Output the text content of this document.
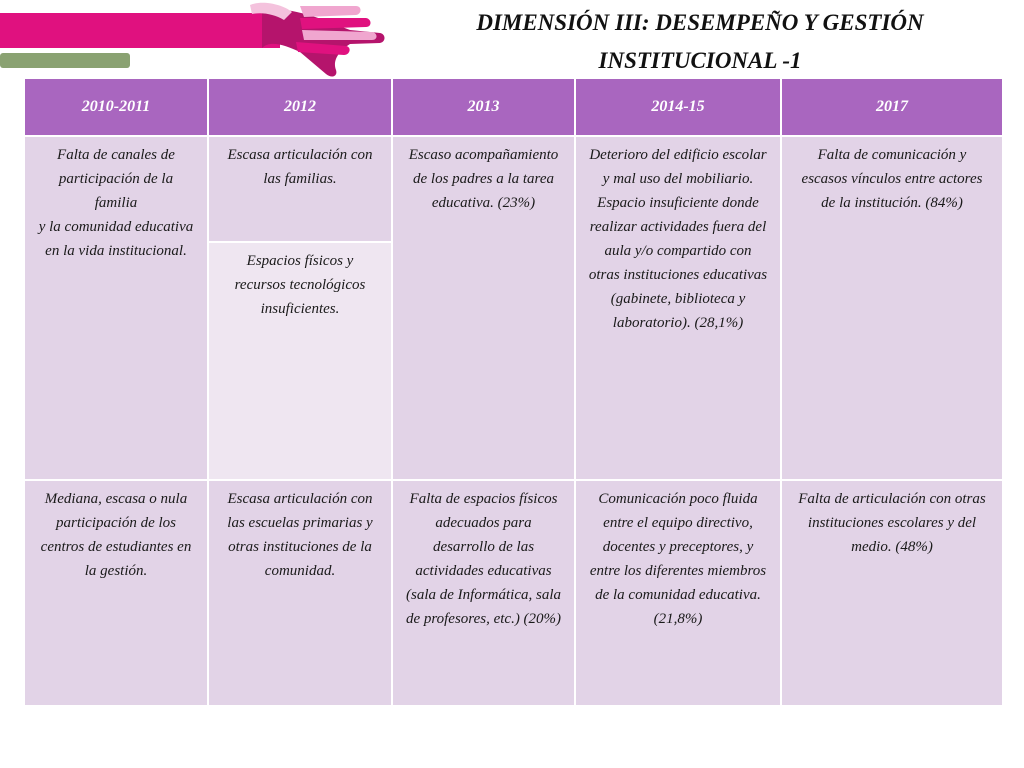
DIMENSIÓN III: DESEMPEÑO Y GESTIÓN
INSTITUCIONAL -1
2010-2011	2012	2013	2014-15	2017

Falta de canales de participación de la familia
y la comunidad educativa en la vida institucional.	Escasa articulación con las familias.	Escaso acompañamiento de los padres a la tarea educativa. (23%)	Deterioro del edificio escolar y mal uso del mobiliario. Espacio insuficiente donde realizar actividades fuera del aula y/o compartido con otras instituciones educativas (gabinete, biblioteca y laboratorio). (28,1%)	Falta de comunicación y escasos vínculos entre actores de la institución. (84%)
	Espacios físicos y recursos tecnológicos insuficientes.			
Mediana, escasa o nula participación de los centros de estudiantes en la gestión.	Escasa articulación con las escuelas primarias y otras instituciones de la comunidad.	Falta de espacios físicos adecuados para desarrollo de las actividades educativas (sala de Informática, sala de profesores, etc.) (20%)	Comunicación poco fluida entre el equipo directivo, docentes y preceptores, y entre los diferentes miembros de la comunidad educativa. (21,8%)	Falta de articulación con otras instituciones escolares y del medio. (48%)
